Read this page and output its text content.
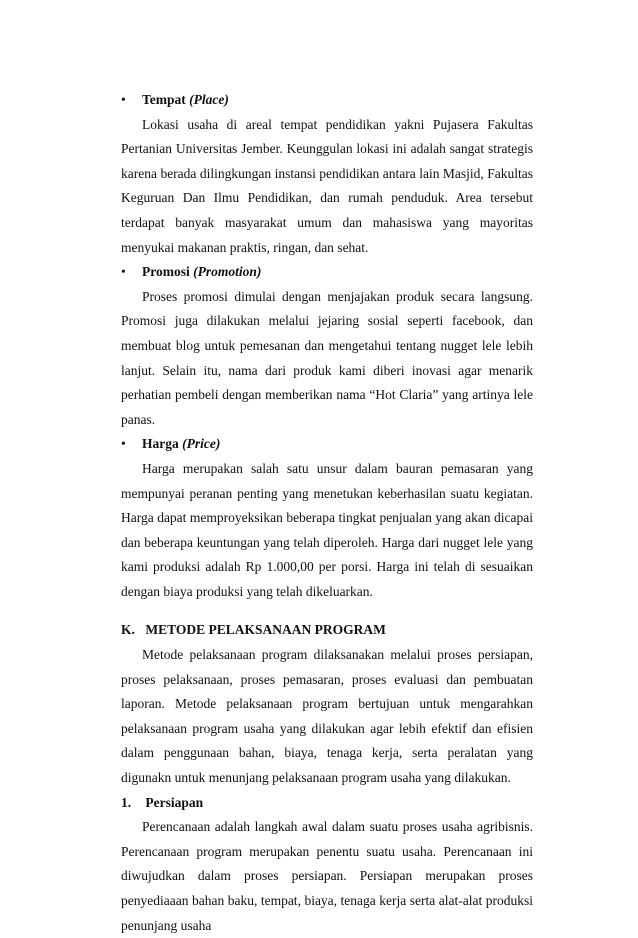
• Tempat (Place)

Lokasi usaha di areal tempat pendidikan yakni Pujasera Fakultas Pertanian Universitas Jember. Keunggulan lokasi ini adalah sangat strategis karena berada dilingkungan instansi pendidikan antara lain Masjid, Fakultas Keguruan Dan Ilmu Pendidikan, dan rumah penduduk. Area tersebut terdapat banyak masyarakat umum dan mahasiswa yang mayoritas menyukai makanan praktis, ringan, dan sehat.

• Promosi (Promotion)

Proses promosi dimulai dengan menjajakan produk secara langsung. Promosi juga dilakukan melalui jejaring sosial seperti facebook, dan membuat blog untuk pemesanan dan mengetahui tentang nugget lele lebih lanjut. Selain itu, nama dari produk kami diberi inovasi agar menarik perhatian pembeli dengan memberikan nama “Hot Claria” yang artinya lele panas.

• Harga (Price)

Harga merupakan salah satu unsur dalam bauran pemasaran yang mempunyai peranan penting yang menetukan keberhasilan suatu kegiatan. Harga dapat memproyeksikan beberapa tingkat penjualan yang akan dicapai dan beberapa keuntungan yang telah diperoleh. Harga dari nugget lele yang kami produksi adalah Rp 1.000,00 per porsi. Harga ini telah di sesuaikan dengan biaya produksi yang telah dikeluarkan.

K. METODE PELAKSANAAN PROGRAM

Metode pelaksanaan program dilaksanakan melalui proses persiapan, proses pelaksanaan, proses pemasaran, proses evaluasi dan pembuatan laporan. Metode pelaksanaan program bertujuan untuk mengarahkan pelaksanaan program usaha yang dilakukan agar lebih efektif dan efisien dalam penggunaan bahan, biaya, tenaga kerja, serta peralatan yang digunakn untuk menunjang pelaksanaan program usaha yang dilakukan.

1. Persiapan

Perencanaan adalah langkah awal dalam suatu proses usaha agribisnis. Perencanaan program merupakan penentu suatu usaha. Perencanaan ini diwujudkan dalam proses persiapan. Persiapan merupakan proses penyediaaan bahan baku, tempat, biaya, tenaga kerja serta alat-alat produksi penunjang usaha
